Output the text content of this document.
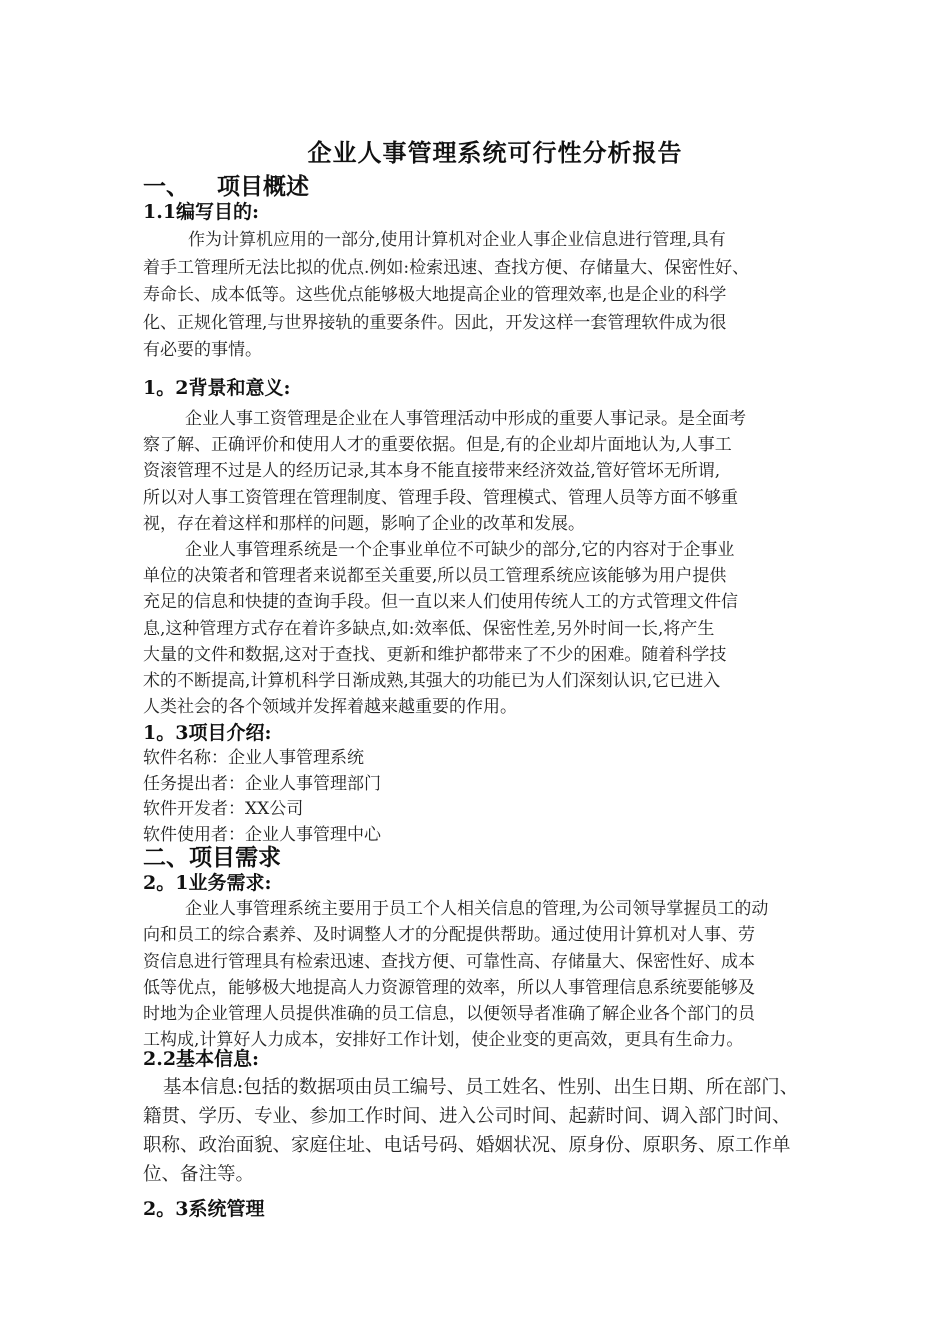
企业人事管理系统可行性分析报告
一、 项目概述
1.1编写目的:
作为计算机应用的一部分,使用计算机对企业人事企业信息进行管理,具有
着手工管理所无法比拟的优点.例如:检索迅速、查找方便、存储量大、保密性好、
寿命长、成本低等。这些优点能够极大地提高企业的管理效率,也是企业的科学
化、正规化管理,与世界接轨的重要条件。因此，开发这样一套管理软件成为很
有必要的事情。
1。2背景和意义:
企业人事工资管理是企业在人事管理活动中形成的重要人事记录。是全面考
察了解、正确评价和使用人才的重要依据。但是,有的企业却片面地认为,人事工
资滚管理不过是人的经历记录,其本身不能直接带来经济效益,管好管坏无所谓,
所以对人事工资管理在管理制度、管理手段、管理模式、管理人员等方面不够重
视，存在着这样和那样的问题，影响了企业的改革和发展。
企业人事管理系统是一个企事业单位不可缺少的部分,它的内容对于企事业
单位的决策者和管理者来说都至关重要,所以员工管理系统应该能够为用户提供
充足的信息和快捷的查询手段。但一直以来人们使用传统人工的方式管理文件信
息,这种管理方式存在着许多缺点,如:效率低、保密性差,另外时间一长,将产生
大量的文件和数据,这对于查找、更新和维护都带来了不少的困难。随着科学技
术的不断提高,计算机科学日渐成熟,其强大的功能已为人们深刻认识,它已进入
人类社会的各个领域并发挥着越来越重要的作用。
1。3项目介绍:
软件名称：企业人事管理系统
任务提出者：企业人事管理部门
软件开发者：XX公司
软件使用者：企业人事管理中心
二、项目需求
2。1业务需求:
企业人事管理系统主要用于员工个人相关信息的管理,为公司领导掌握员工的动
向和员工的综合素养、及时调整人才的分配提供帮助。通过使用计算机对人事、劳
资信息进行管理具有检索迅速、查找方便、可靠性高、存储量大、保密性好、成本
低等优点，能够极大地提高人力资源管理的效率，所以人事管理信息系统要能够及
时地为企业管理人员提供准确的员工信息，以便领导者准确了解企业各个部门的员
工构成,计算好人力成本，安排好工作计划，使企业变的更高效，更具有生命力。
2.2基本信息:
基本信息:包括的数据项由员工编号、员工姓名、性别、出生日期、所在部门、
籍贯、学历、专业、参加工作时间、进入公司时间、起薪时间、调入部门时间、
职称、政治面貌、家庭住址、电话号码、婚姻状况、原身份、原职务、原工作单
位、备注等。
2。3系统管理
